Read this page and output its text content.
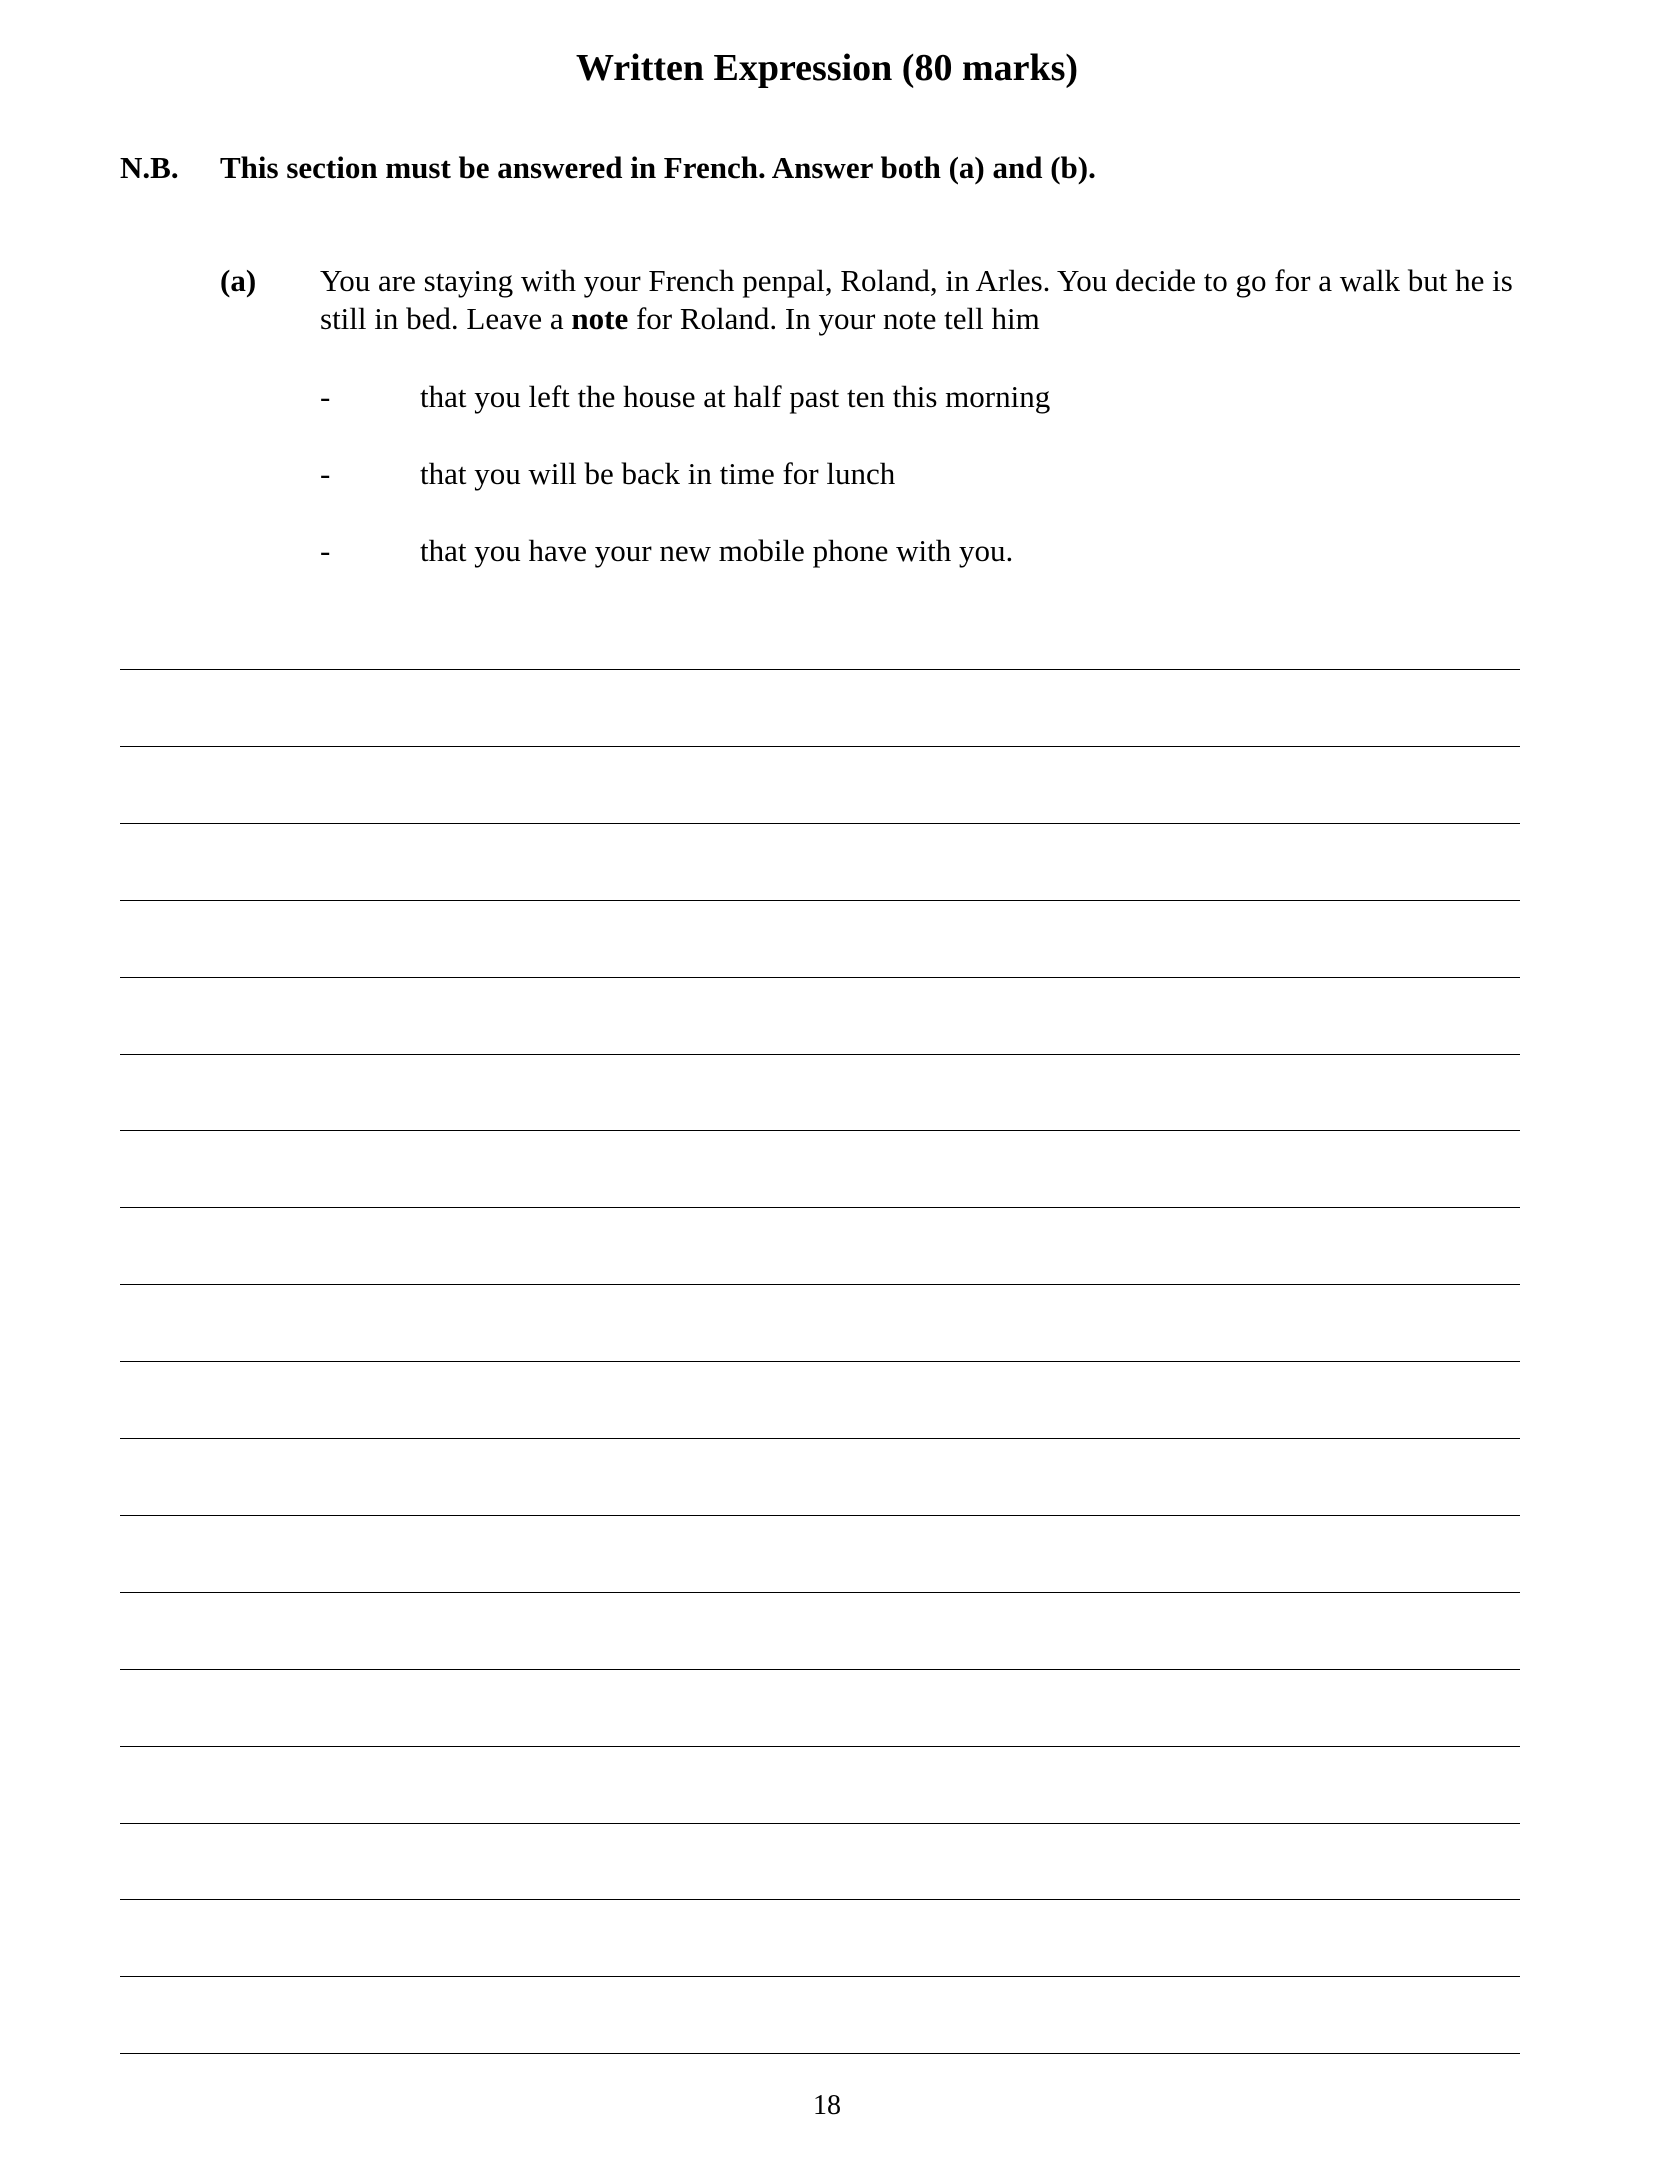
Written Expression (80 marks)
N.B. This section must be answered in French. Answer both (a) and (b).
(a) You are staying with your French penpal, Roland, in Arles. You decide to go for a walk but he is still in bed. Leave a note for Roland. In your note tell him
-	that you left the house at half past ten this morning
-	that you will be back in time for lunch
-	that you have your new mobile phone with you.
18
